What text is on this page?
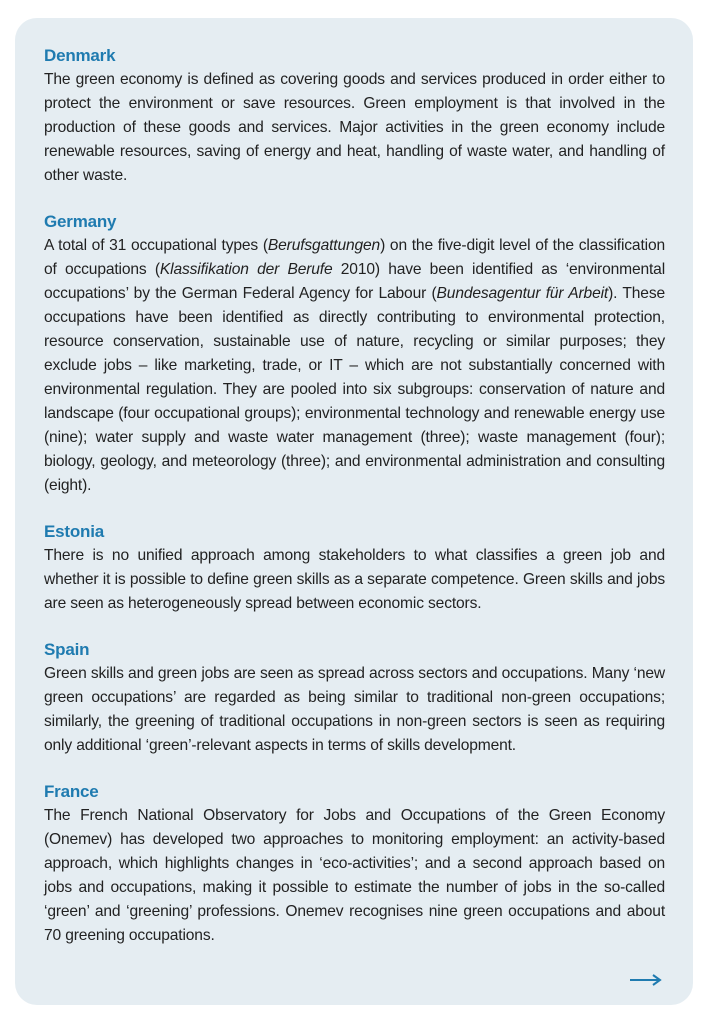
Denmark

The green economy is defined as covering goods and services produced in order either to protect the environment or save resources. Green employment is that involved in the production of these goods and services. Major activities in the green economy include renewable resources, saving of energy and heat, handling of waste water, and handling of other waste.

Germany

A total of 31 occupational types (Berufsgattungen) on the five-digit level of the classification of occupations (Klassifikation der Berufe 2010) have been identified as ‘environmental occupations’ by the German Federal Agency for Labour (Bundesagentur für Arbeit). These occupations have been identified as directly contributing to environmental protection, resource conservation, sustainable use of nature, recycling or similar purposes; they exclude jobs – like marketing, trade, or IT – which are not substantially concerned with environmental regulation. They are pooled into six subgroups: conservation of nature and landscape (four occupational groups); environmental technology and renewable energy use (nine); water supply and waste water management (three); waste management (four); biology, geology, and meteorology (three); and environmental administration and consulting (eight).

Estonia

There is no unified approach among stakeholders to what classifies a green job and whether it is possible to define green skills as a separate competence. Green skills and jobs are seen as heterogeneously spread between economic sectors.

Spain

Green skills and green jobs are seen as spread across sectors and occupations. Many ‘new green occupations’ are regarded as being similar to traditional non-green occupations; similarly, the greening of traditional occupations in non-green sectors is seen as requiring only additional ‘green’-relevant aspects in terms of skills development.

France

The French National Observatory for Jobs and Occupations of the Green Economy (Onemev) has developed two approaches to monitoring employment: an activity-based approach, which highlights changes in ‘eco-activities’; and a second approach based on jobs and occupations, making it possible to estimate the number of jobs in the so-called ‘green’ and ‘greening’ professions. Onemev recognises nine green occupations and about 70 greening occupations.
